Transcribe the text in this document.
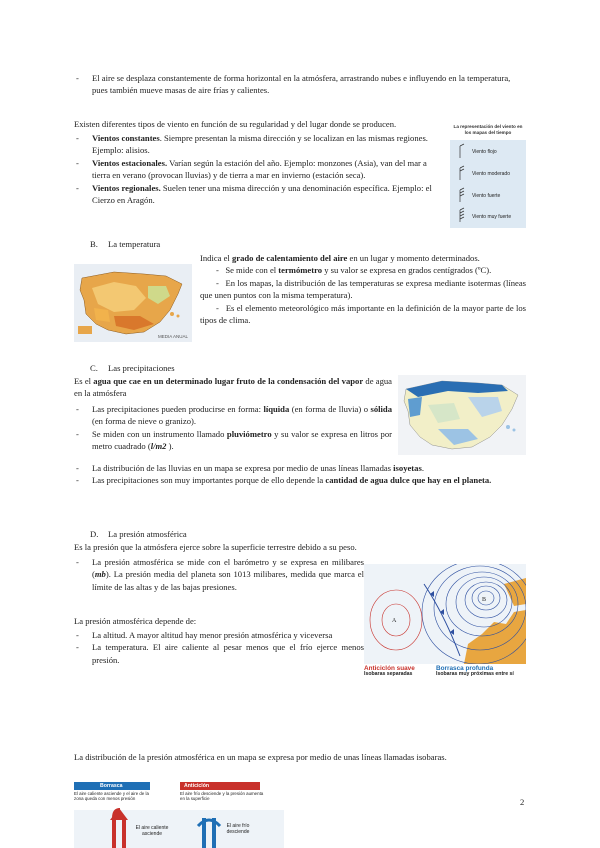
- El aire se desplaza constantemente de forma horizontal en la atmósfera, arrastrando nubes e influyendo en la temperatura, pues también mueve masas de aire frías y calientes.

Existen diferentes tipos de viento en función de su regularidad y del lugar donde se producen.

- Vientos constantes. Siempre presentan la misma dirección y se localizan en las mismas regiones. Ejemplo: alisios.
- Vientos estacionales. Varían según la estación del año. Ejemplo: monzones (Asia), van del mar a tierra en verano (provocan lluvias) y de tierra a mar en invierno (estación seca).
- Vientos regionales. Suelen tener una misma dirección y una denominación específica. Ejemplo: el Cierzo en Aragón.
La representación del viento en los mapas del tiempo
Viento flojo
Viento moderado
Viento fuerte
Viento muy fuerte
B. La temperatura
MEDIA ANUAL
Indica el grado de calentamiento del aire en un lugar y momento determinados.
-   Se mide con el termómetro y su valor se expresa en grados centígrados (ºC).
-   En los mapas, la distribución de las temperaturas se expresa mediante isotermas (líneas que unen puntos con la misma temperatura).
-   Es el elemento meteorológico más importante en la definición de la mayor parte de los tipos de clima.
C. Las precipitaciones
Es el agua que cae en un determinado lugar fruto de la condensación del vapor de agua en la atmósfera
- Las precipitaciones pueden producirse en forma: líquida (en forma de lluvia) o sólida (en forma de nieve o granizo).
- Se miden con un instrumento llamado pluviómetro y su valor se expresa en litros por metro cuadrado (l/m2 ).
- La distribución de las lluvias en un mapa se expresa por medio de unas líneas llamadas isoyetas.
- Las precipitaciones son muy importantes porque de ello depende la cantidad de agua dulce que hay en el planeta.
D. La presión atmosférica

Es la presión que la atmósfera ejerce sobre la superficie terrestre debido a su peso.

- La presión atmosférica se mide con el barómetro y se expresa en milibares (mb). La presión media del planeta son 1013 milibares, medida que marca el límite de las altas y de las bajas presiones.

La presión atmosférica depende de:

- La altitud. A mayor altitud hay menor presión atmosférica y viceversa
- La temperatura. El aire caliente al pesar menos que el frío ejerce menos presión.
A
B
Anticiclón suave
Isobaras separadas
Borrasca profunda
Isobaras muy próximas entre sí

La distribución de la presión atmosférica en un mapa se expresa por medio de unas líneas llamadas isobaras.

Borrasca
El aire caliente asciende y el aire de la zona queda con menos presión
Anticiclón
El aire frío desciende y la presión aumenta en la superficie
El aire caliente asciende
El aire frío desciende
2
